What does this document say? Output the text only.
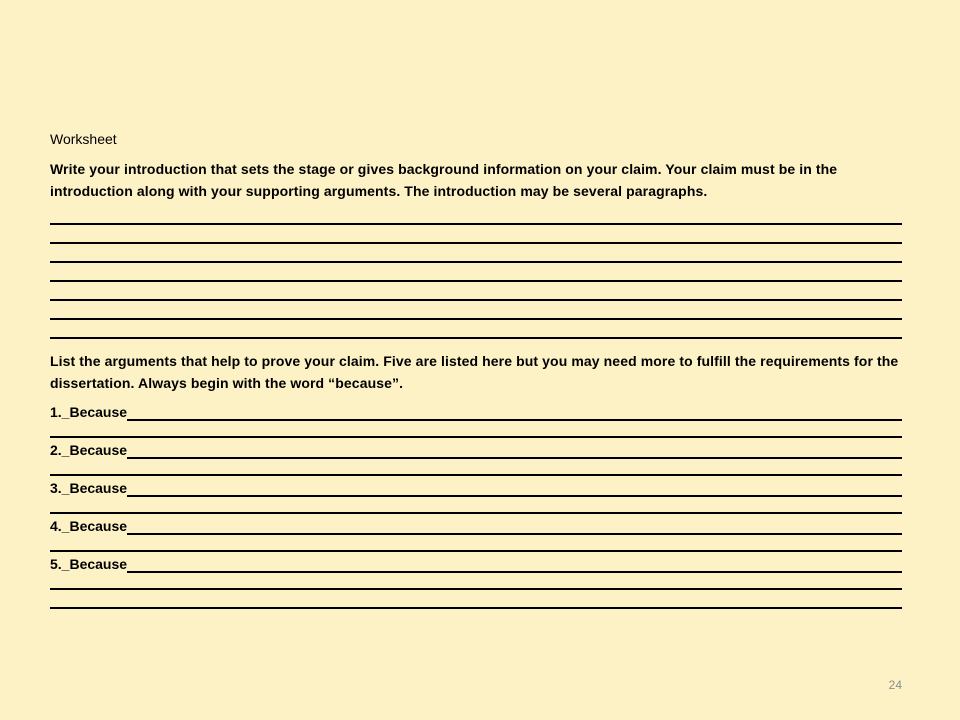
Worksheet

Write your introduction that sets the stage or gives background information on your claim. Your claim must be in the introduction along with your supporting arguments. The introduction may be several paragraphs.

List the arguments that help to prove your claim. Five are listed here but you may need more to fulfill the requirements for the dissertation. Always begin with the word “because”.

1._Because
2._Because
3._Because
4._Because
5._Because
24
